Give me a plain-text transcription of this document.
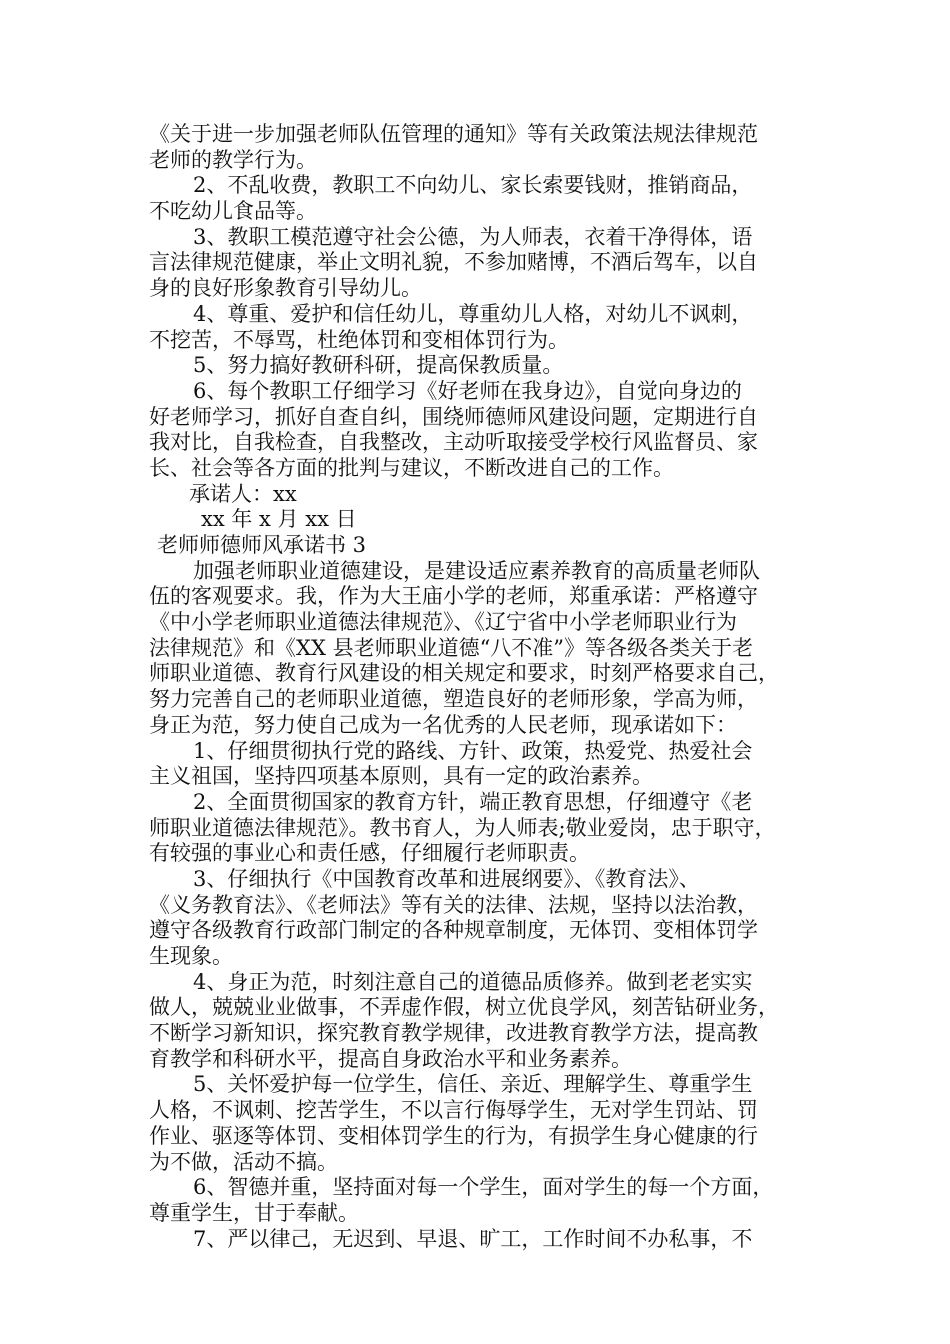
《关于进一步加强老师队伍管理的通知》等有关政策法规法律规范
老师的教学行为。
2、不乱收费，教职工不向幼儿、家长索要钱财，推销商品，
不吃幼儿食品等。
3、教职工模范遵守社会公德，为人师表，衣着干净得体，语
言法律规范健康，举止文明礼貌，不参加赌博，不酒后驾车，以自
身的良好形象教育引导幼儿。
4、尊重、爱护和信任幼儿，尊重幼儿人格，对幼儿不讽刺，
不挖苦，不辱骂，杜绝体罚和变相体罚行为。
5、努力搞好教研科研，提高保教质量。
6、每个教职工仔细学习《好老师在我身边》，自觉向身边的
好老师学习，抓好自查自纠，围绕师德师风建设问题，定期进行自
我对比，自我检查，自我整改，主动听取接受学校行风监督员、家
长、社会等各方面的批判与建议，不断改进自己的工作。
承诺人：xx
xx 年 x 月 xx 日
老师师德师风承诺书 3
加强老师职业道德建设，是建设适应素养教育的高质量老师队
伍的客观要求。我，作为大王庙小学的老师，郑重承诺：严格遵守
《中小学老师职业道德法律规范》、《辽宁省中小学老师职业行为
法律规范》和《XX 县老师职业道德“八不准”》等各级各类关于老
师职业道德、教育行风建设的相关规定和要求，时刻严格要求自己，
努力完善自己的老师职业道德，塑造良好的老师形象，学高为师，
身正为范，努力使自己成为一名优秀的人民老师，现承诺如下：
1、仔细贯彻执行党的路线、方针、政策，热爱党、热爱社会
主义祖国，坚持四项基本原则，具有一定的政治素养。
2、全面贯彻国家的教育方针，端正教育思想，仔细遵守《老
师职业道德法律规范》。教书育人，为人师表;敬业爱岗，忠于职守，
有较强的事业心和责任感，仔细履行老师职责。
3、仔细执行《中国教育改革和进展纲要》、《教育法》、
《义务教育法》、《老师法》等有关的法律、法规，坚持以法治教，
遵守各级教育行政部门制定的各种规章制度，无体罚、变相体罚学
生现象。
4、身正为范，时刻注意自己的道德品质修养。做到老老实实
做人，兢兢业业做事，不弄虚作假，树立优良学风，刻苦钻研业务，
不断学习新知识，探究教育教学规律，改进教育教学方法，提高教
育教学和科研水平，提高自身政治水平和业务素养。
5、关怀爱护每一位学生，信任、亲近、理解学生、尊重学生
人格，不讽刺、挖苦学生，不以言行侮辱学生，无对学生罚站、罚
作业、驱逐等体罚、变相体罚学生的行为，有损学生身心健康的行
为不做，活动不搞。
6、智德并重，坚持面对每一个学生，面对学生的每一个方面，
尊重学生，甘于奉献。
7、严以律己，无迟到、早退、旷工，工作时间不办私事，不
